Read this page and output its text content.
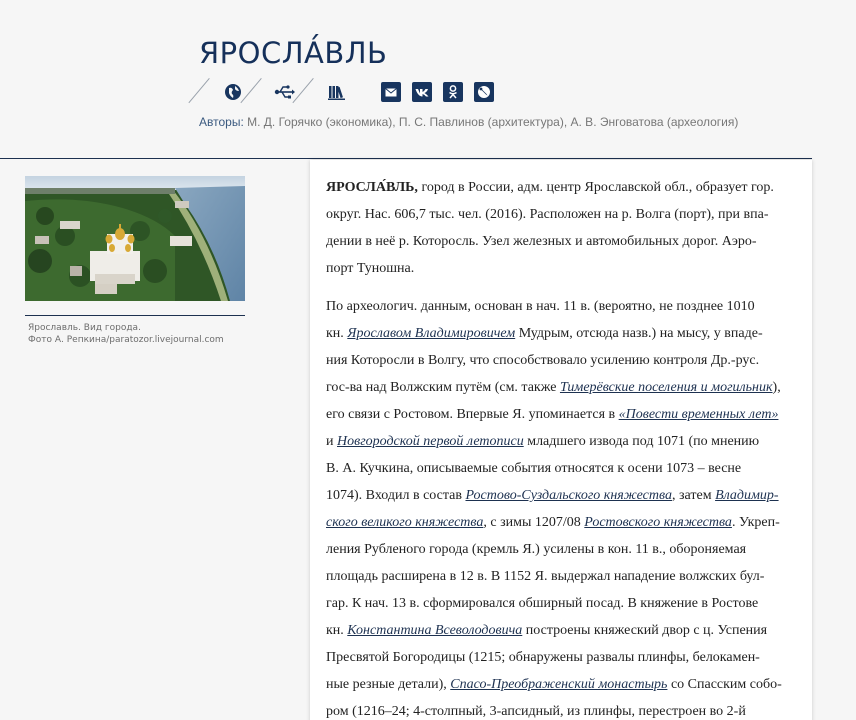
ЯРОСЛА́ВЛЬ
Авторы: М. Д. Горячко (экономика), П. С. Павлинов (архитектура), А. В. Энговатова (археология)
Ярославль. Вид города.
Фото А. Репкина/paratozor.livejournal.com
ЯРОСЛА́ВЛЬ, город в России, адм. центр Ярославской обл., образует гор.
округ. Нас. 606,7 тыс. чел. (2016). Расположен на р. Волга (порт), при впа-
дении в неё р. Которосль. Узел железных и автомобильных дорог. Аэро-
порт Туношна.
По археологич. данным, основан в нач. 11 в. (вероятно, не позднее 1010
кн. Ярославом Владимировичем Мудрым, отсюда назв.) на мысу, у впаде-
ния Которосли в Волгу, что способствовало усилению контроля Др.-рус.
гос-ва над Волжским путём (см. также Тимерёвские поселения и могильник),
его связи с Ростовом. Впервые Я. упоминается в «Повести временных лет»
и Новгородской первой летописи младшего извода под 1071 (по мнению
В. А. Кучкина, описываемые события относятся к осени 1073 – весне
1074). Входил в состав Ростово-Суздальского княжества, затем Владимир-
ского великого княжества, с зимы 1207/08 Ростовского княжества. Укреп-
ления Рубленого города (кремль Я.) усилены в кон. 11 в., обороняемая
площадь расширена в 12 в. В 1152 Я. выдержал нападение волжских бул-
гар. К нач. 13 в. сформировался обширный посад. В княжение в Ростове
кн. Константина Всеволодовича построены княжеский двор с ц. Успения
Пресвятой Богородицы (1215; обнаружены развалы плинфы, белокамен-
ные резные детали), Спасо-Преображенский монастырь со Спасским собо-
ром (1216–24; 4-столпный, 3-апсидный, из плинфы, перестроен во 2-й
